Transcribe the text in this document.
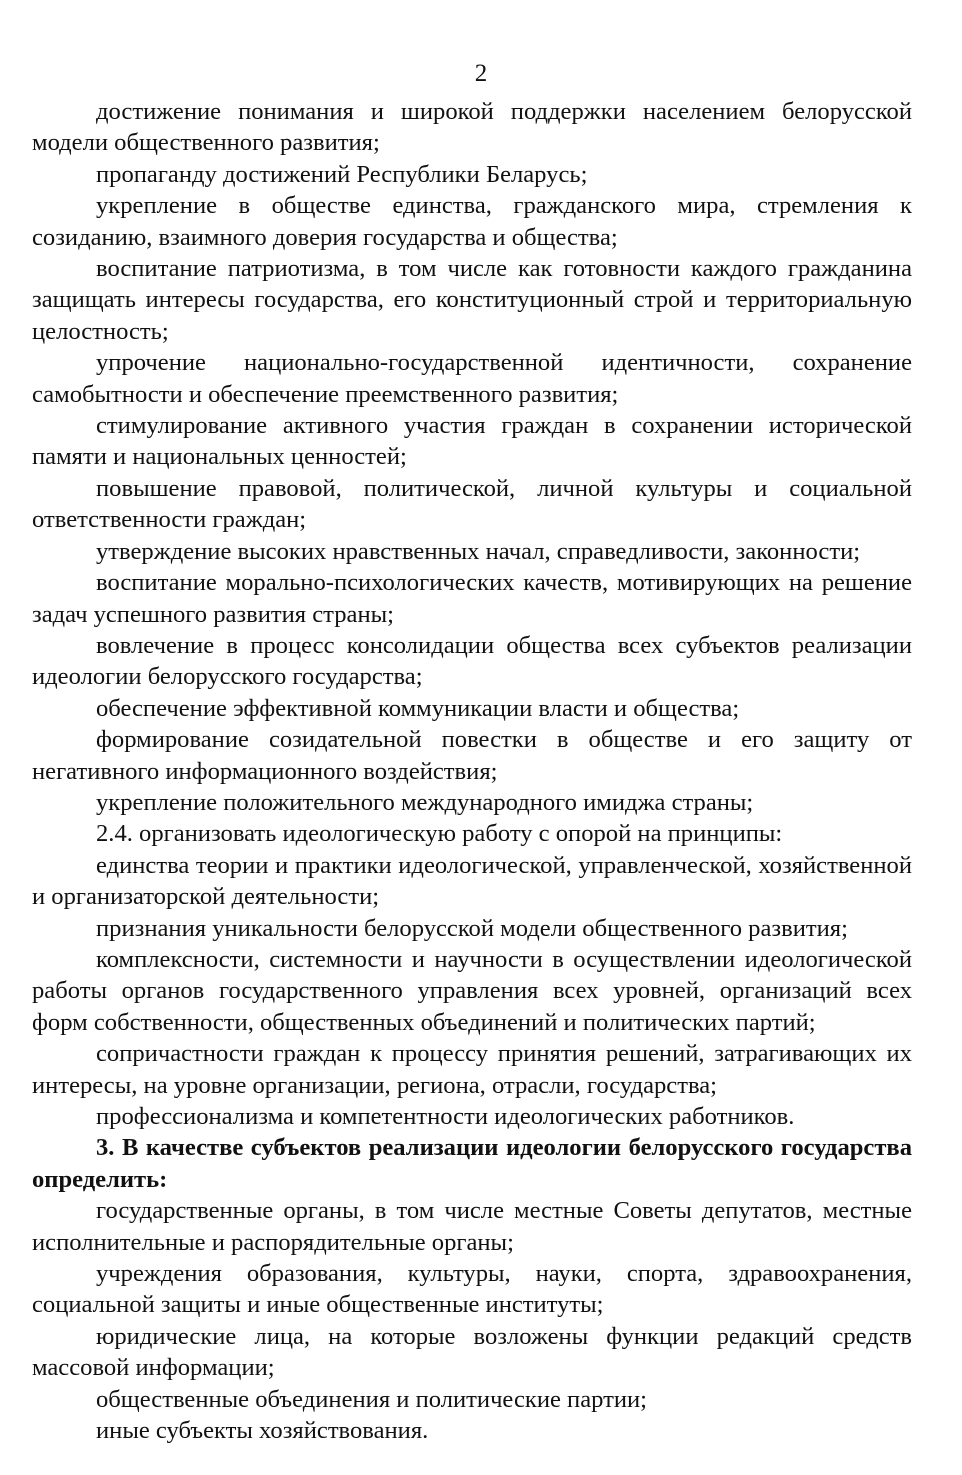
2

достижение понимания и широкой поддержки населением белорусской модели общественного развития;

пропаганду достижений Республики Беларусь;

укрепление в обществе единства, гражданского мира, стремления к созиданию, взаимного доверия государства и общества;

воспитание патриотизма, в том числе как готовности каждого гражданина защищать интересы государства, его конституционный строй и территориальную целостность;

упрочение национально-государственной идентичности, сохранение самобытности и обеспечение преемственного развития;

стимулирование активного участия граждан в сохранении исторической памяти и национальных ценностей;

повышение правовой, политической, личной культуры и социальной ответственности граждан;

утверждение высоких нравственных начал, справедливости, законности;

воспитание морально-психологических качеств, мотивирующих на решение задач успешного развития страны;

вовлечение в процесс консолидации общества всех субъектов реализации идеологии белорусского государства;

обеспечение эффективной коммуникации власти и общества;

формирование созидательной повестки в обществе и его защиту от негативного информационного воздействия;

укрепление положительного международного имиджа страны;

2.4. организовать идеологическую работу с опорой на принципы:

единства теории и практики идеологической, управленческой, хозяйственной и организаторской деятельности;

признания уникальности белорусской модели общественного развития;

комплексности, системности и научности в осуществлении идеологической работы органов государственного управления всех уровней, организаций всех форм собственности, общественных объединений и политических партий;

сопричастности граждан к процессу принятия решений, затрагивающих их интересы, на уровне организации, региона, отрасли, государства;

профессионализма и компетентности идеологических работников.

3. В качестве субъектов реализации идеологии белорусского государства определить:

государственные органы, в том числе местные Советы депутатов, местные исполнительные и распорядительные органы;

учреждения образования, культуры, науки, спорта, здравоохранения, социальной защиты и иные общественные институты;

юридические лица, на которые возложены функции редакций средств массовой информации;

общественные объединения и политические партии;

иные субъекты хозяйствования.
